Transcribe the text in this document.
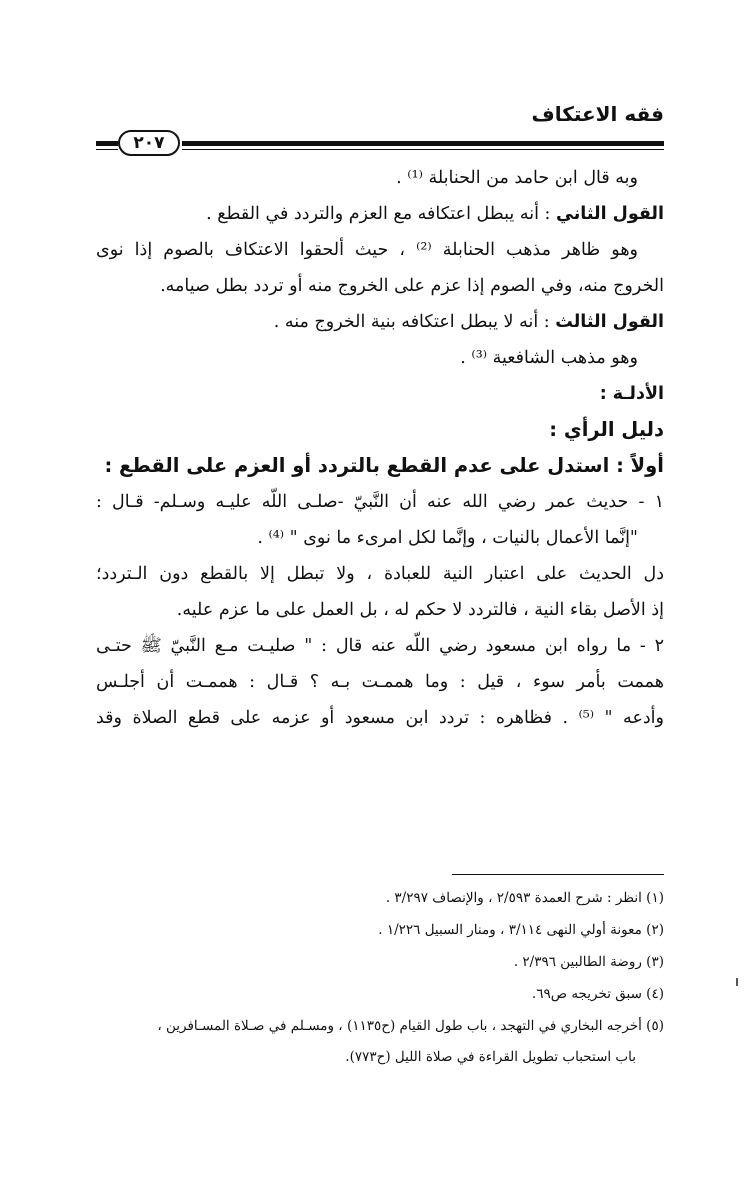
فقه الاعتكاف
٢٠٧
وبه قال ابن حامد من الحنابلة ⁽¹⁾ .
القول الثاني : أنه يبطل اعتكافه مع العزم والتردد في القطع .
وهو ظاهر مذهب الحنابلة ⁽²⁾ ، حيث ألحقوا الاعتكاف بالصوم إذا نوى
الخروج منه، وفي الصوم إذا عزم على الخروج منه أو تردد بطل صيامه.
القول الثالث : أنه لا يبطل اعتكافه بنية الخروج منه .
وهو مذهب الشافعية ⁽³⁾ .
الأدلـة :
دليل الرأي :
أولاً : استدل على عدم القطع بالتردد أو العزم على القطع :
١ - حديث عمر رضي الله عنه أن النَّبيّ -صلـى اللّه عليـه وسـلم- قـال :
"إنَّما الأعمال بالنيات ، وإنَّما لكل امرىء ما نوى " ⁽⁴⁾ .
دل الحديث على اعتبار النية للعبادة ، ولا تبطل إلا بالقطع دون الـتردد؛
إذ الأصل بقاء النية ، فالتردد لا حكم له ، بل العمل على ما عزم عليه.
٢ - ما رواه ابن مسعود رضي اللّه عنه قال : " صليـت مـع النَّبيّ ﷺ حتـى
هممت بأمر سوء ، قيل : وما هممـت بـه ؟ قـال : هممـت أن أجلـس
وأدعه " ⁽⁵⁾ . فظاهره : تردد ابن مسعود أو عزمه على قطع الصلاة وقد
(١) انظر : شرح العمدة ٢/٥٩٣ ، والإنصاف ٣/٢٩٧ .
(٢) معونة أولي النهى ٣/١١٤ ، ومنار السبيل ١/٢٢٦ .
(٣) روضة الطالبين ٢/٣٩٦ .
(٤) سبق تخريجه ص٦٩.
(٥) أخرجه البخاري في التهجد ، باب طول القيام (ح١١٣٥) ، ومسـلم في صـلاة المسـافرين ،
باب استحباب تطويل القراءة في صلاة الليل (ح٧٧٣).
